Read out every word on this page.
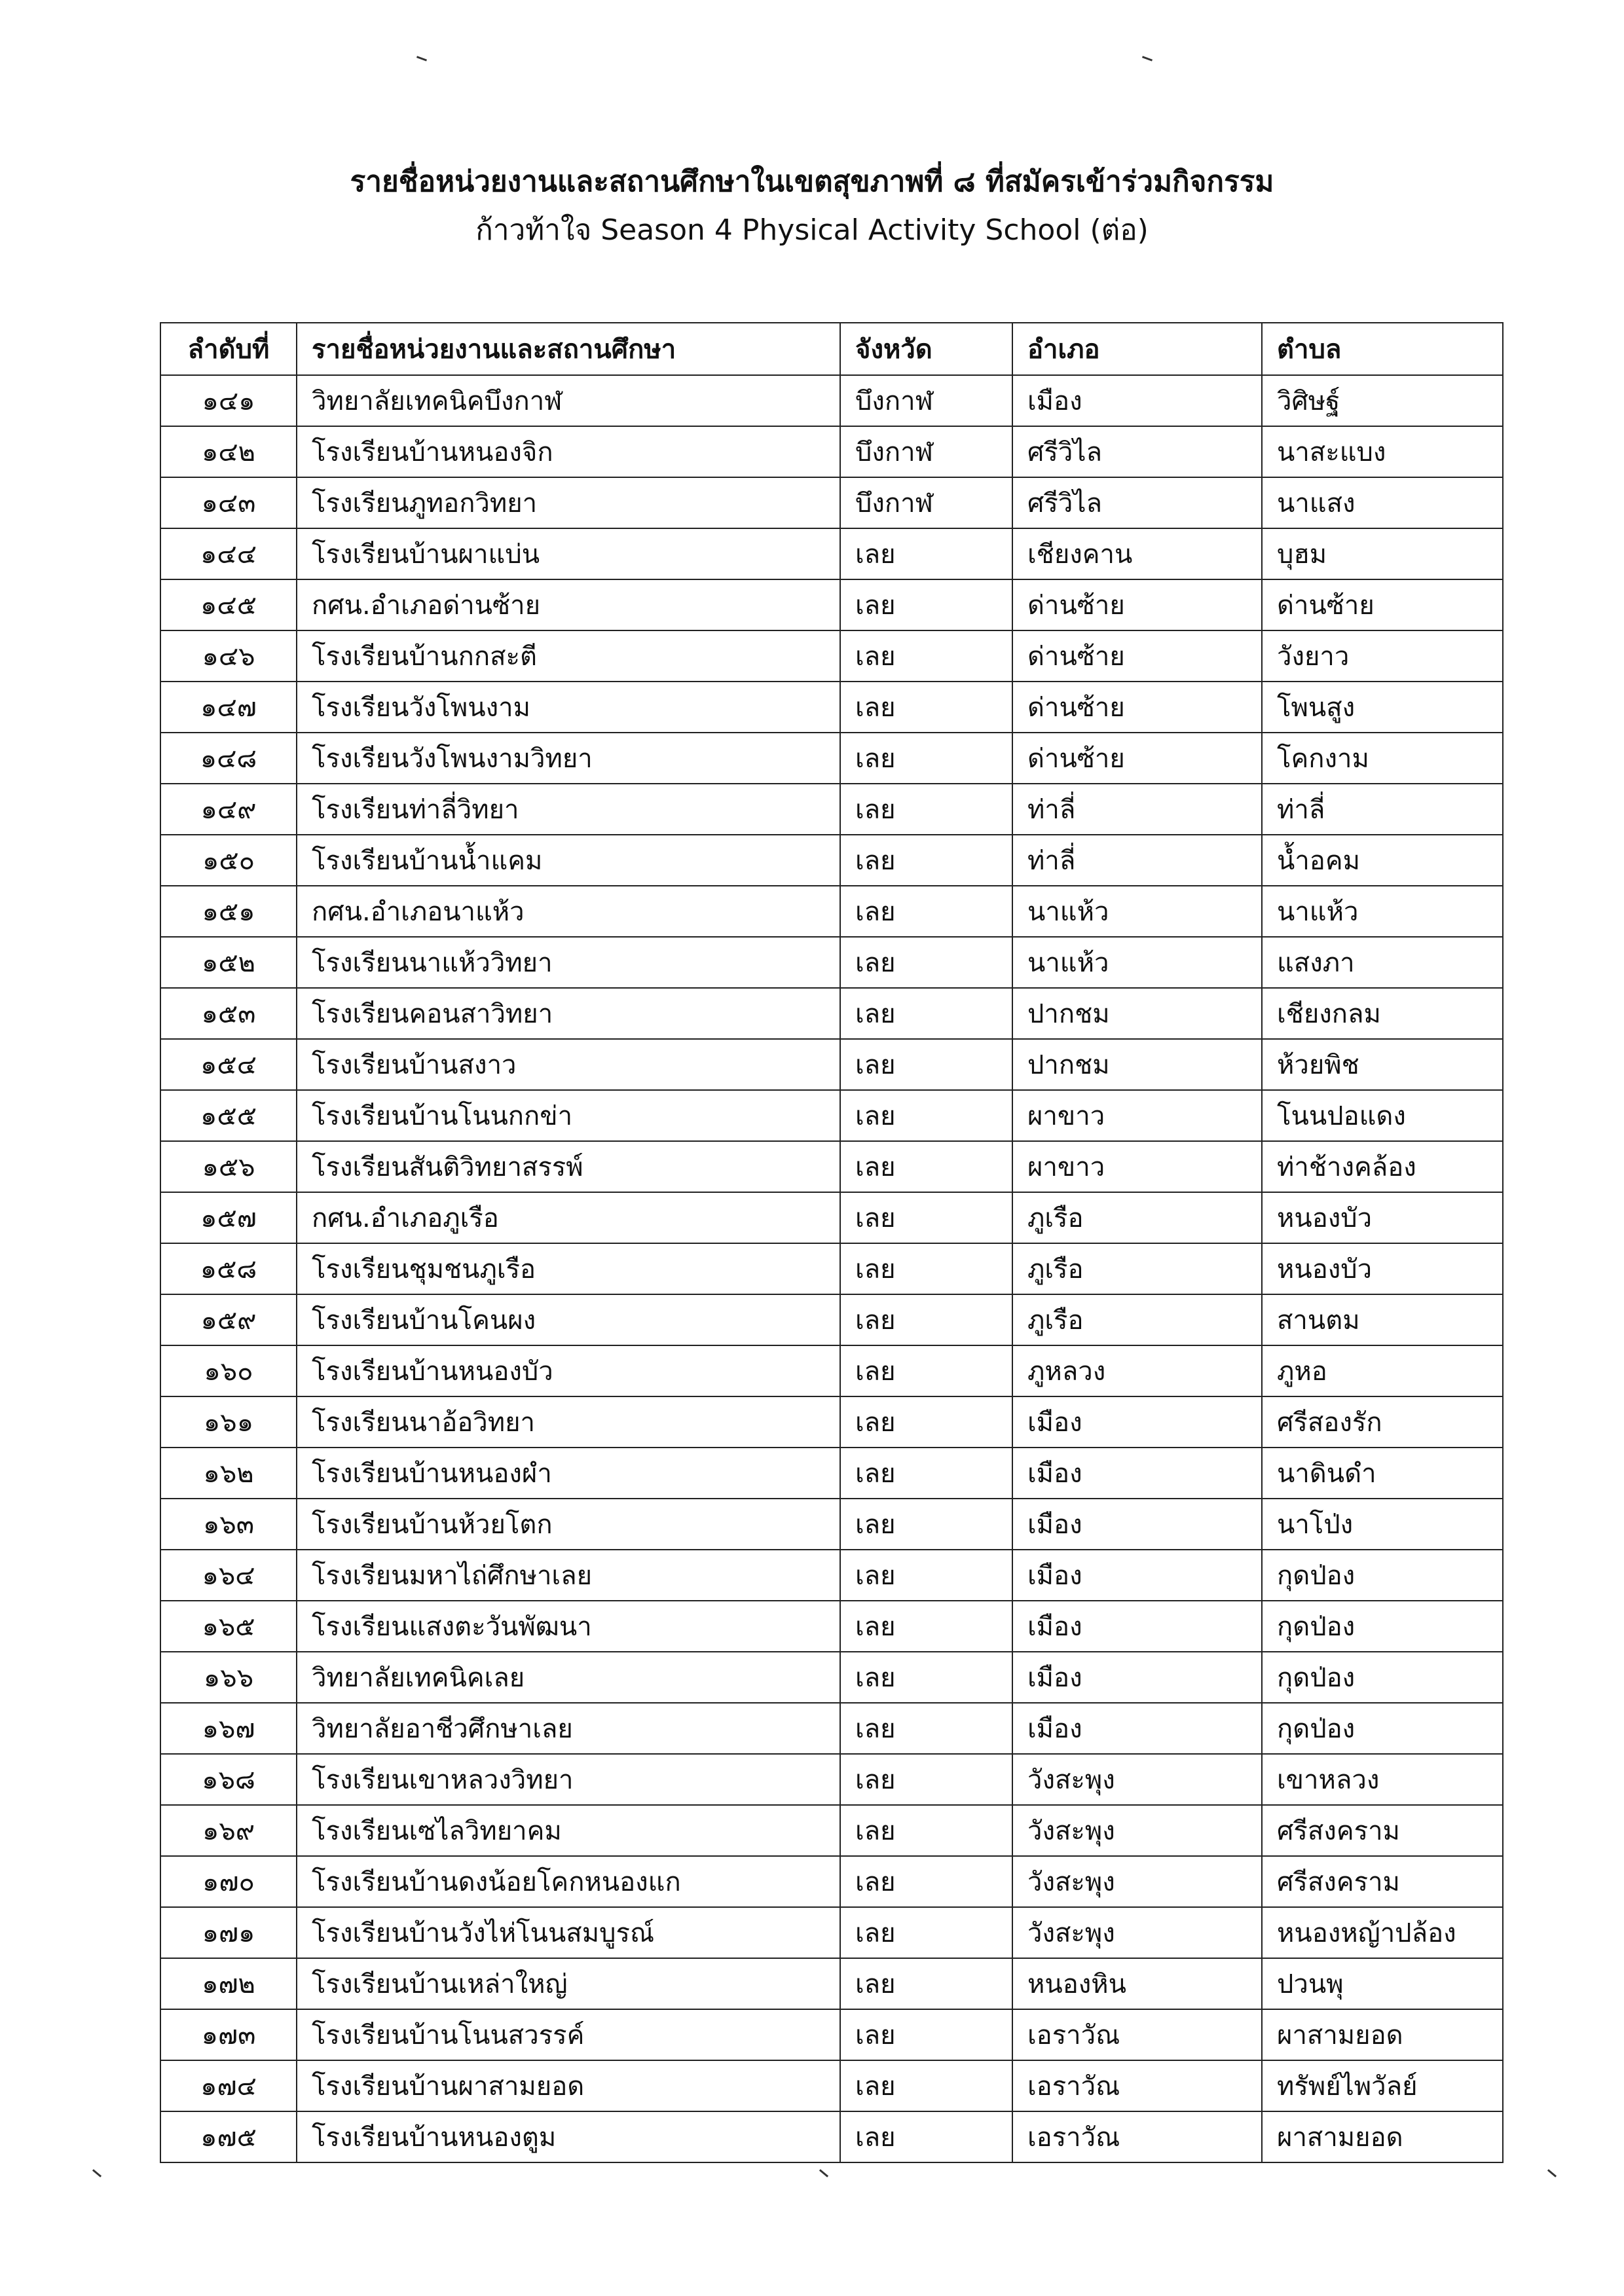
รายชื่อหน่วยงานและสถานศึกษาในเขตสุขภาพที่ ๘ ที่สมัครเข้าร่วมกิจกรรม
ก้าวท้าใจ Season 4 Physical Activity School (ต่อ)
ลำดับที่	รายชื่อหน่วยงานและสถานศึกษา	จังหวัด	อำเภอ	ตำบล
๑๔๑	วิทยาลัยเทคนิคบึงกาฬ	บึงกาฬ	เมือง	วิศิษฐ์
๑๔๒	โรงเรียนบ้านหนองจิก	บึงกาฬ	ศรีวิไล	นาสะแบง
๑๔๓	โรงเรียนภูทอกวิทยา	บึงกาฬ	ศรีวิไล	นาแสง
๑๔๔	โรงเรียนบ้านผาแบ่น	เลย	เชียงคาน	บุฮม
๑๔๕	กศน.อำเภอด่านซ้าย	เลย	ด่านซ้าย	ด่านซ้าย
๑๔๖	โรงเรียนบ้านกกสะตี	เลย	ด่านซ้าย	วังยาว
๑๔๗	โรงเรียนวังโพนงาม	เลย	ด่านซ้าย	โพนสูง
๑๔๘	โรงเรียนวังโพนงามวิทยา	เลย	ด่านซ้าย	โคกงาม
๑๔๙	โรงเรียนท่าลี่วิทยา	เลย	ท่าลี่	ท่าลี่
๑๕๐	โรงเรียนบ้านน้ำแคม	เลย	ท่าลี่	น้ำอคม
๑๕๑	กศน.อำเภอนาแห้ว	เลย	นาแห้ว	นาแห้ว
๑๕๒	โรงเรียนนาแห้ววิทยา	เลย	นาแห้ว	แสงภา
๑๕๓	โรงเรียนคอนสาวิทยา	เลย	ปากชม	เชียงกลม
๑๕๔	โรงเรียนบ้านสงาว	เลย	ปากชม	ห้วยพิช
๑๕๕	โรงเรียนบ้านโนนกกข่า	เลย	ผาขาว	โนนปอแดง
๑๕๖	โรงเรียนสันติวิทยาสรรพ์	เลย	ผาขาว	ท่าช้างคล้อง
๑๕๗	กศน.อำเภอภูเรือ	เลย	ภูเรือ	หนองบัว
๑๕๘	โรงเรียนชุมชนภูเรือ	เลย	ภูเรือ	หนองบัว
๑๕๙	โรงเรียนบ้านโคนผง	เลย	ภูเรือ	สานตม
๑๖๐	โรงเรียนบ้านหนองบัว	เลย	ภูหลวง	ภูหอ
๑๖๑	โรงเรียนนาอ้อวิทยา	เลย	เมือง	ศรีสองรัก
๑๖๒	โรงเรียนบ้านหนองผำ	เลย	เมือง	นาดินดำ
๑๖๓	โรงเรียนบ้านห้วยโตก	เลย	เมือง	นาโป่ง
๑๖๔	โรงเรียนมหาไถ่ศึกษาเลย	เลย	เมือง	กุดป่อง
๑๖๕	โรงเรียนแสงตะวันพัฒนา	เลย	เมือง	กุดป่อง
๑๖๖	วิทยาลัยเทคนิคเลย	เลย	เมือง	กุดป่อง
๑๖๗	วิทยาลัยอาชีวศึกษาเลย	เลย	เมือง	กุดป่อง
๑๖๘	โรงเรียนเขาหลวงวิทยา	เลย	วังสะพุง	เขาหลวง
๑๖๙	โรงเรียนเซไลวิทยาคม	เลย	วังสะพุง	ศรีสงคราม
๑๗๐	โรงเรียนบ้านดงน้อยโคกหนองแก	เลย	วังสะพุง	ศรีสงคราม
๑๗๑	โรงเรียนบ้านวังไห่โนนสมบูรณ์	เลย	วังสะพุง	หนองหญ้าปล้อง
๑๗๒	โรงเรียนบ้านเหล่าใหญ่	เลย	หนองหิน	ปวนพุ
๑๗๓	โรงเรียนบ้านโนนสวรรค์	เลย	เอราวัณ	ผาสามยอด
๑๗๔	โรงเรียนบ้านผาสามยอด	เลย	เอราวัณ	ทรัพย์ไพวัลย์
๑๗๕	โรงเรียนบ้านหนองตูม	เลย	เอราวัณ	ผาสามยอด
